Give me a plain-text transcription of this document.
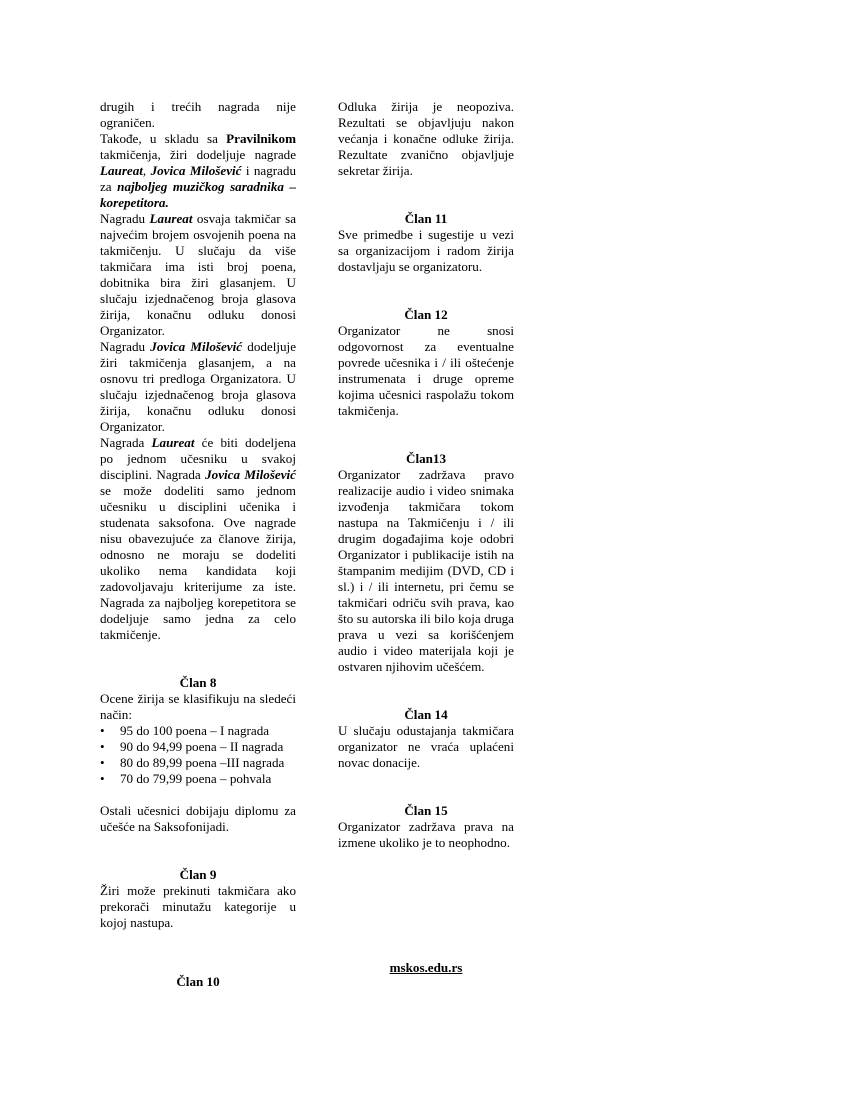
drugih i trećih nagrada nije ograničen.

Takođe, u skladu sa Pravilnikom takmičenja, žiri dodeljuje nagrade Laureat, Jovica Milošević i nagradu za najboljeg muzičkog saradnika – korepetitora.

Nagradu Laureat osvaja takmičar sa najvećim brojem osvojenih poena na takmičenju. U slučaju da više takmičara ima isti broj poena, dobitnika bira žiri glasanjem. U slučaju izjednačenog broja glasova žirija, konačnu odluku donosi Organizator.

Nagradu Jovica Milošević dodeljuje žiri takmičenja glasanjem, a na osnovu tri predloga Organizatora. U slučaju izjednačenog broja glasova žirija, konačnu odluku donosi Organizator.

Nagrada Laureat će biti dodeljena po jednom učesniku u svakoj disciplini. Nagrada Jovica Milošević se može dodeliti samo jednom učesniku u disciplini učenika i studenata saksofona. Ove nagrade nisu obavezujuće za članove žirija, odnosno ne moraju se dodeliti ukoliko nema kandidata koji zadovoljavaju kriterijume za iste. Nagrada za najboljeg korepetitora se dodeljuje samo jedna za celo takmičenje.

Član 8

Ocene žirija se klasifikuju na sledeći način:

• 95 do 100 poena – I nagrada
• 90 do 94,99 poena – II nagrada
• 80 do 89,99 poena –III nagrada
• 70 do 79,99 poena – pohvala

Ostali učesnici dobijaju diplomu za učešće na Saksofonijadi.

Član 9

Žiri može prekinuti takmičara ako prekorači minutažu kategorije u kojoj nastupa.

Član 10

Odluka žirija je neopoziva. Rezultati se objavljuju nakon većanja i konačne odluke žirija. Rezultate zvanično objavljuje sekretar žirija.

Član 11

Sve primedbe i sugestije u vezi sa organizacijom i radom žirija dostavljaju se organizatoru.

Član 12

Organizator ne snosi odgovornost za eventualne povrede učesnika i / ili oštećenje instrumenata i druge opreme kojima učesnici raspolažu tokom takmičenja.

Član13

Organizator zadržava pravo realizacije audio i video snimaka izvođenja takmičara tokom nastupa na Takmičenju i / ili drugim događajima koje odobri Organizator i publikacije istih na štampanim medijim (DVD, CD i sl.) i / ili internetu, pri čemu se takmičari odriču svih prava, kao što su autorska ili bilo koja druga prava u vezi sa korišćenjem audio i video materijala koji je ostvaren njihovim učešćem.

Član 14

U slučaju odustajanja takmičara organizator ne vraća uplaćeni novac donacije.

Član 15

Organizator zadržava prava na izmene ukoliko je to neophodno.

mskos.edu.rs
